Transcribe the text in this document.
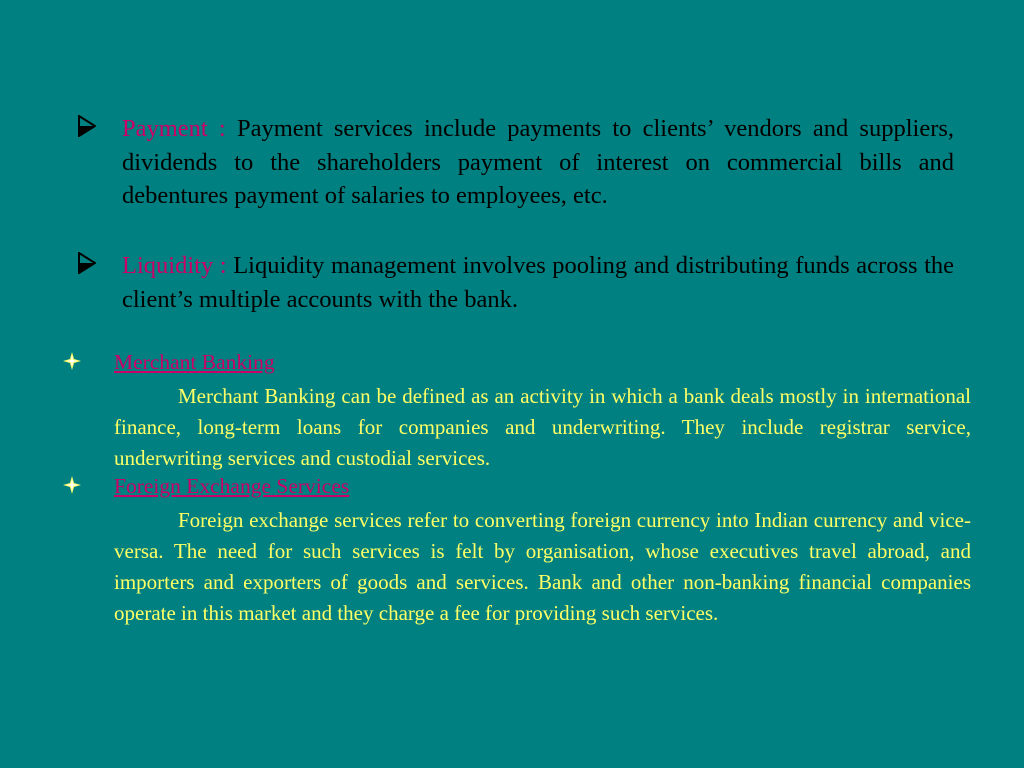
Payment : Payment services include payments to clients’ vendors and suppliers, dividends to the shareholders payment of interest on commercial bills and debentures payment of salaries to employees, etc.
Liquidity : Liquidity management involves pooling and distributing funds across the client’s multiple accounts with the bank.
Merchant Banking
Merchant Banking can be defined as an activity in which a bank deals mostly in international finance, long-term loans for companies and underwriting. They include registrar service, underwriting services and custodial services.
Foreign Exchange Services
Foreign exchange services refer to converting foreign currency into Indian currency and vice-versa. The need for such services is felt by organisation, whose executives travel abroad, and importers and exporters of goods and services. Bank and other non-banking financial companies operate in this market and they charge a fee for providing such services.
